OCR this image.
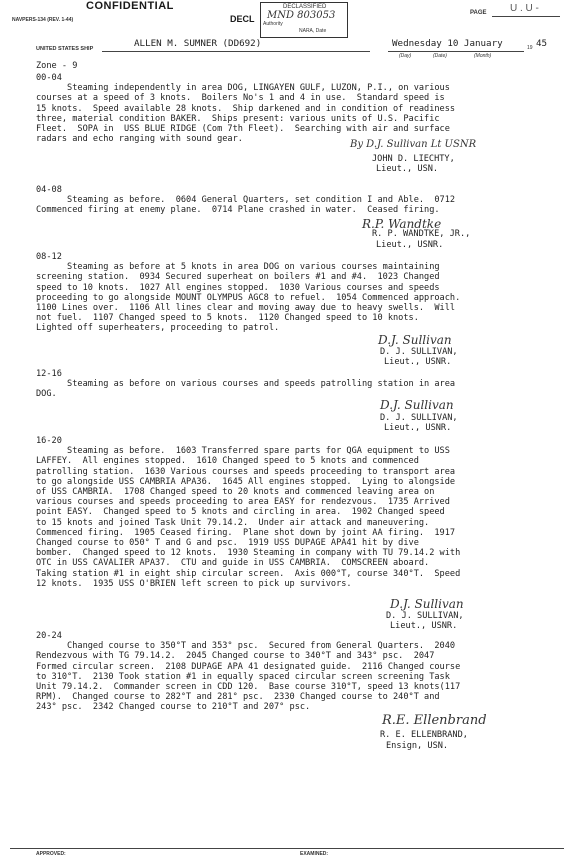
CONFIDENTIAL
NAVPERS-134 (REV. 1-44)	DECL
DECLASSIFIED
MND 803053
Authority
NARA, Date
PAGE U . U -
UNITED STATES SHIP	ALLEN M. SUMNER (DD692)	Wednesday 10 January	19 45
(Day)	(Date)	(Month)
Zone - 9
00-04
Steaming independently in area DOG, LINGAYEN GULF, LUZON, P.I., on various
courses at a speed of 3 knots.  Boilers No's 1 and 4 in use.  Standard speed is
15 knots.  Speed available 28 knots.  Ship darkened and in condition of readiness
three, material condition BAKER.  Ships present: various units of U.S. Pacific
Fleet.  SOPA in  USS BLUE RIDGE (Com 7th Fleet).  Searching with air and surface
radars and echo ranging with sound gear.	By D.J. Sullivan Lt USNR
JOHN D. LIECHTY,
Lieut., USN.
04-08
Steaming as before.  0604 General Quarters, set condition I and Able.  0712
Commenced firing at enemy plane.  0714 Plane crashed in water.  Ceased firing.
R.P. Wandtke
R. P. WANDTKE, JR.,
Lieut., USNR.
08-12
Steaming as before at 5 knots in area DOG on various courses maintaining
screening station.  0934 Secured superheat on boilers #1 and #4.  1023 Changed
speed to 10 knots.  1027 All engines stopped.  1030 Various courses and speeds
proceeding to go alongside MOUNT OLYMPUS AGC8 to refuel.  1054 Commenced approach.
1100 Lines over.  1106 All lines clear and moving away due to heavy swells.  Will
not fuel.  1107 Changed speed to 5 knots.  1120 Changed speed to 10 knots.
Lighted off superheaters, proceeding to patrol.
D.J. Sullivan
D. J. SULLIVAN,
Lieut., USNR.
12-16
Steaming as before on various courses and speeds patrolling station in area
DOG.
D.J. Sullivan
D. J. SULLIVAN,
Lieut., USNR.
16-20
Steaming as before.  1603 Transferred spare parts for QGA equipment to USS
LAFFEY.  All engines stopped.  1610 Changed speed to 5 knots and commenced
patrolling station.  1630 Various courses and speeds proceeding to transport area
to go alongside USS CAMBRIA APA36.  1645 All engines stopped.  Lying to alongside
of USS CAMBRIA.  1708 Changed speed to 20 knots and commenced leaving area on
various courses and speeds proceeding to area EASY for rendezvous.  1735 Arrived
point EASY.  Changed speed to 5 knots and circling in area.  1902 Changed speed
to 15 knots and joined Task Unit 79.14.2.  Under air attack and maneuvering.
Commenced firing.  1905 Ceased firing.  Plane shot down by joint AA firing.  1917
Changed course to 050° T and G and psc.  1919 USS DUPAGE APA41 hit by dive
bomber.  Changed speed to 12 knots.  1930 Steaming in company with TU 79.14.2 with
OTC in USS CAVALIER APA37.  CTU and guide in USS CAMBRIA.  COMSCREEN aboard.
Taking station #1 in eight ship circular screen.  Axis 000°T, course 340°T.  Speed
12 knots.  1935 USS O'BRIEN left screen to pick up survivors.
D.J. Sullivan
D. J. SULLIVAN,
Lieut., USNR.
20-24
Changed course to 350°T and 353° psc.  Secured from General Quarters.  2040
Rendezvous with TG 79.14.2.  2045 Changed course to 340°T and 343° psc.  2047
Formed circular screen.  2108 DUPAGE APA 41 designated guide.  2116 Changed course
to 310°T.  2130 Took station #1 in equally spaced circular screen screening Task
Unit 79.14.2.  Commander screen in CDD 120.  Base course 310°T, speed 13 knots(117
RPM).  Changed course to 282°T and 281° psc.  2330 Changed course to 240°T and
243° psc.  2342 Changed course to 210°T and 207° psc.
R.E. Ellenbrand
R. E. ELLENBRAND,
Ensign, USN.
APPROVED:	EXAMINED:
